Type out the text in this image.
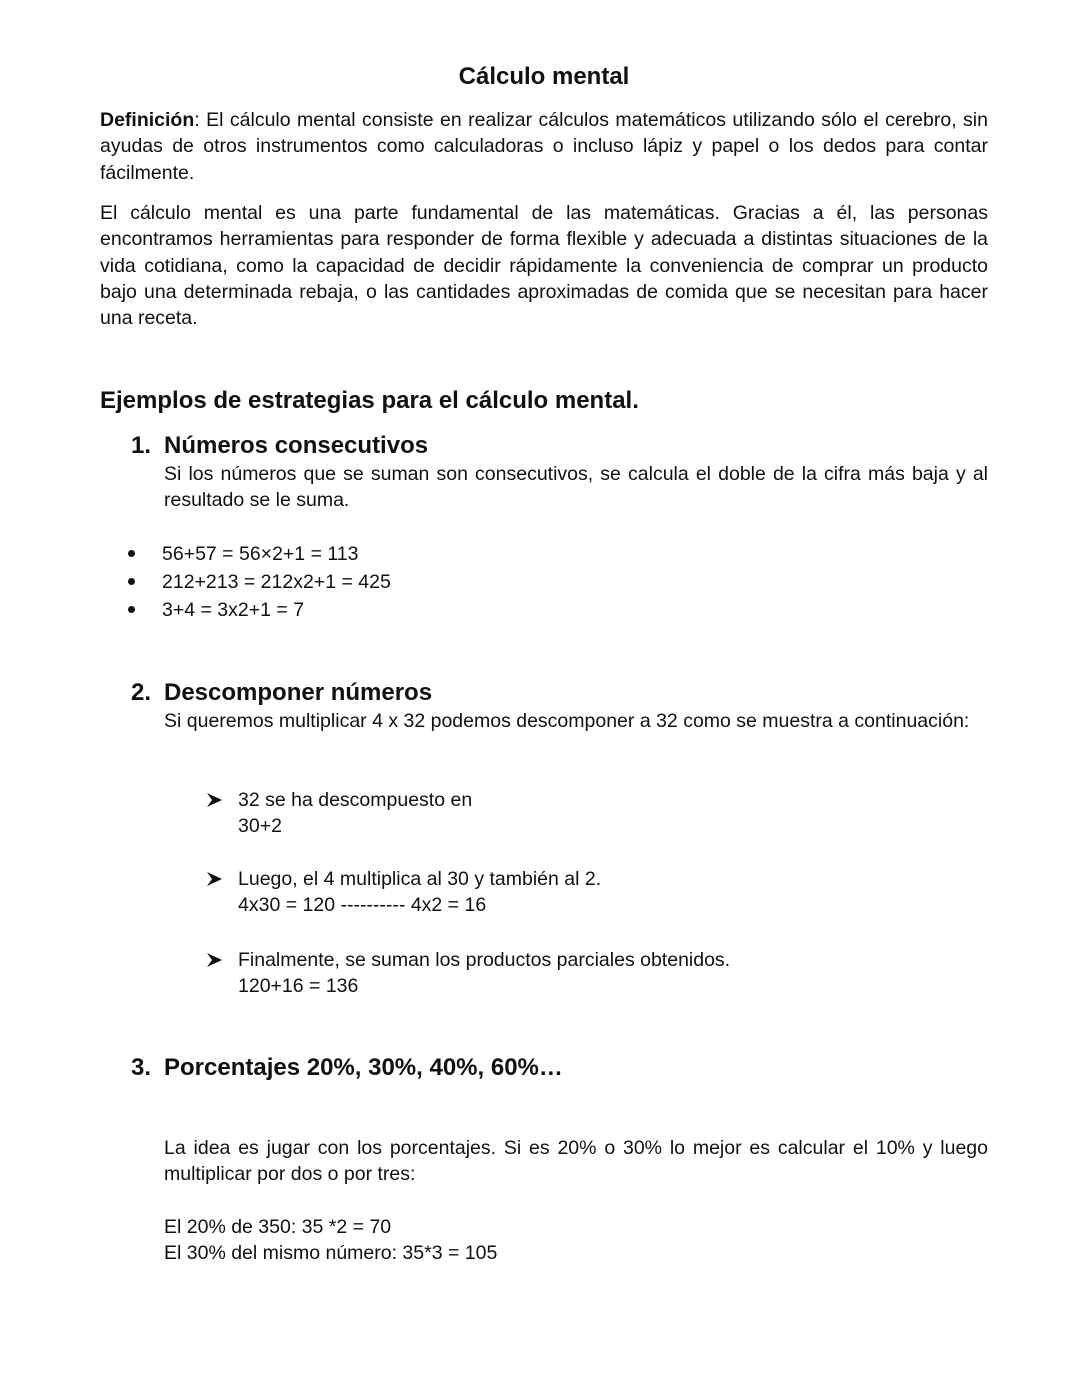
Cálculo mental
Definición: El cálculo mental consiste en realizar cálculos matemáticos utilizando sólo el cerebro, sin ayudas de otros instrumentos como calculadoras o incluso lápiz y papel o los dedos para contar fácilmente.
El cálculo mental es una parte fundamental de las matemáticas. Gracias a él, las personas encontramos herramientas para responder de forma flexible y adecuada a distintas situaciones de la vida cotidiana, como la capacidad de decidir rápidamente la conveniencia de comprar un producto bajo una determinada rebaja, o las cantidades aproximadas de comida que se necesitan para hacer una receta.
Ejemplos de estrategias para el cálculo mental.
1. Números consecutivos
Si los números que se suman son consecutivos, se calcula el doble de la cifra más baja y al resultado se le suma.
56+57 = 56×2+1 = 113
212+213 = 212x2+1 = 425
3+4 = 3x2+1 = 7
2. Descomponer números
Si queremos multiplicar 4 x 32 podemos descomponer a 32 como se muestra a continuación:
32 se ha descompuesto en
30+2
Luego, el 4 multiplica al 30 y también al 2.
4x30 = 120 ---------- 4x2 = 16
Finalmente, se suman los productos parciales obtenidos.
120+16 = 136
3. Porcentajes 20%, 30%, 40%, 60%…
La idea es jugar con los porcentajes. Si es 20% o 30% lo mejor es calcular el 10% y luego multiplicar por dos o por tres:
El 20% de 350: 35 *2 = 70
El 30% del mismo número: 35*3 = 105
